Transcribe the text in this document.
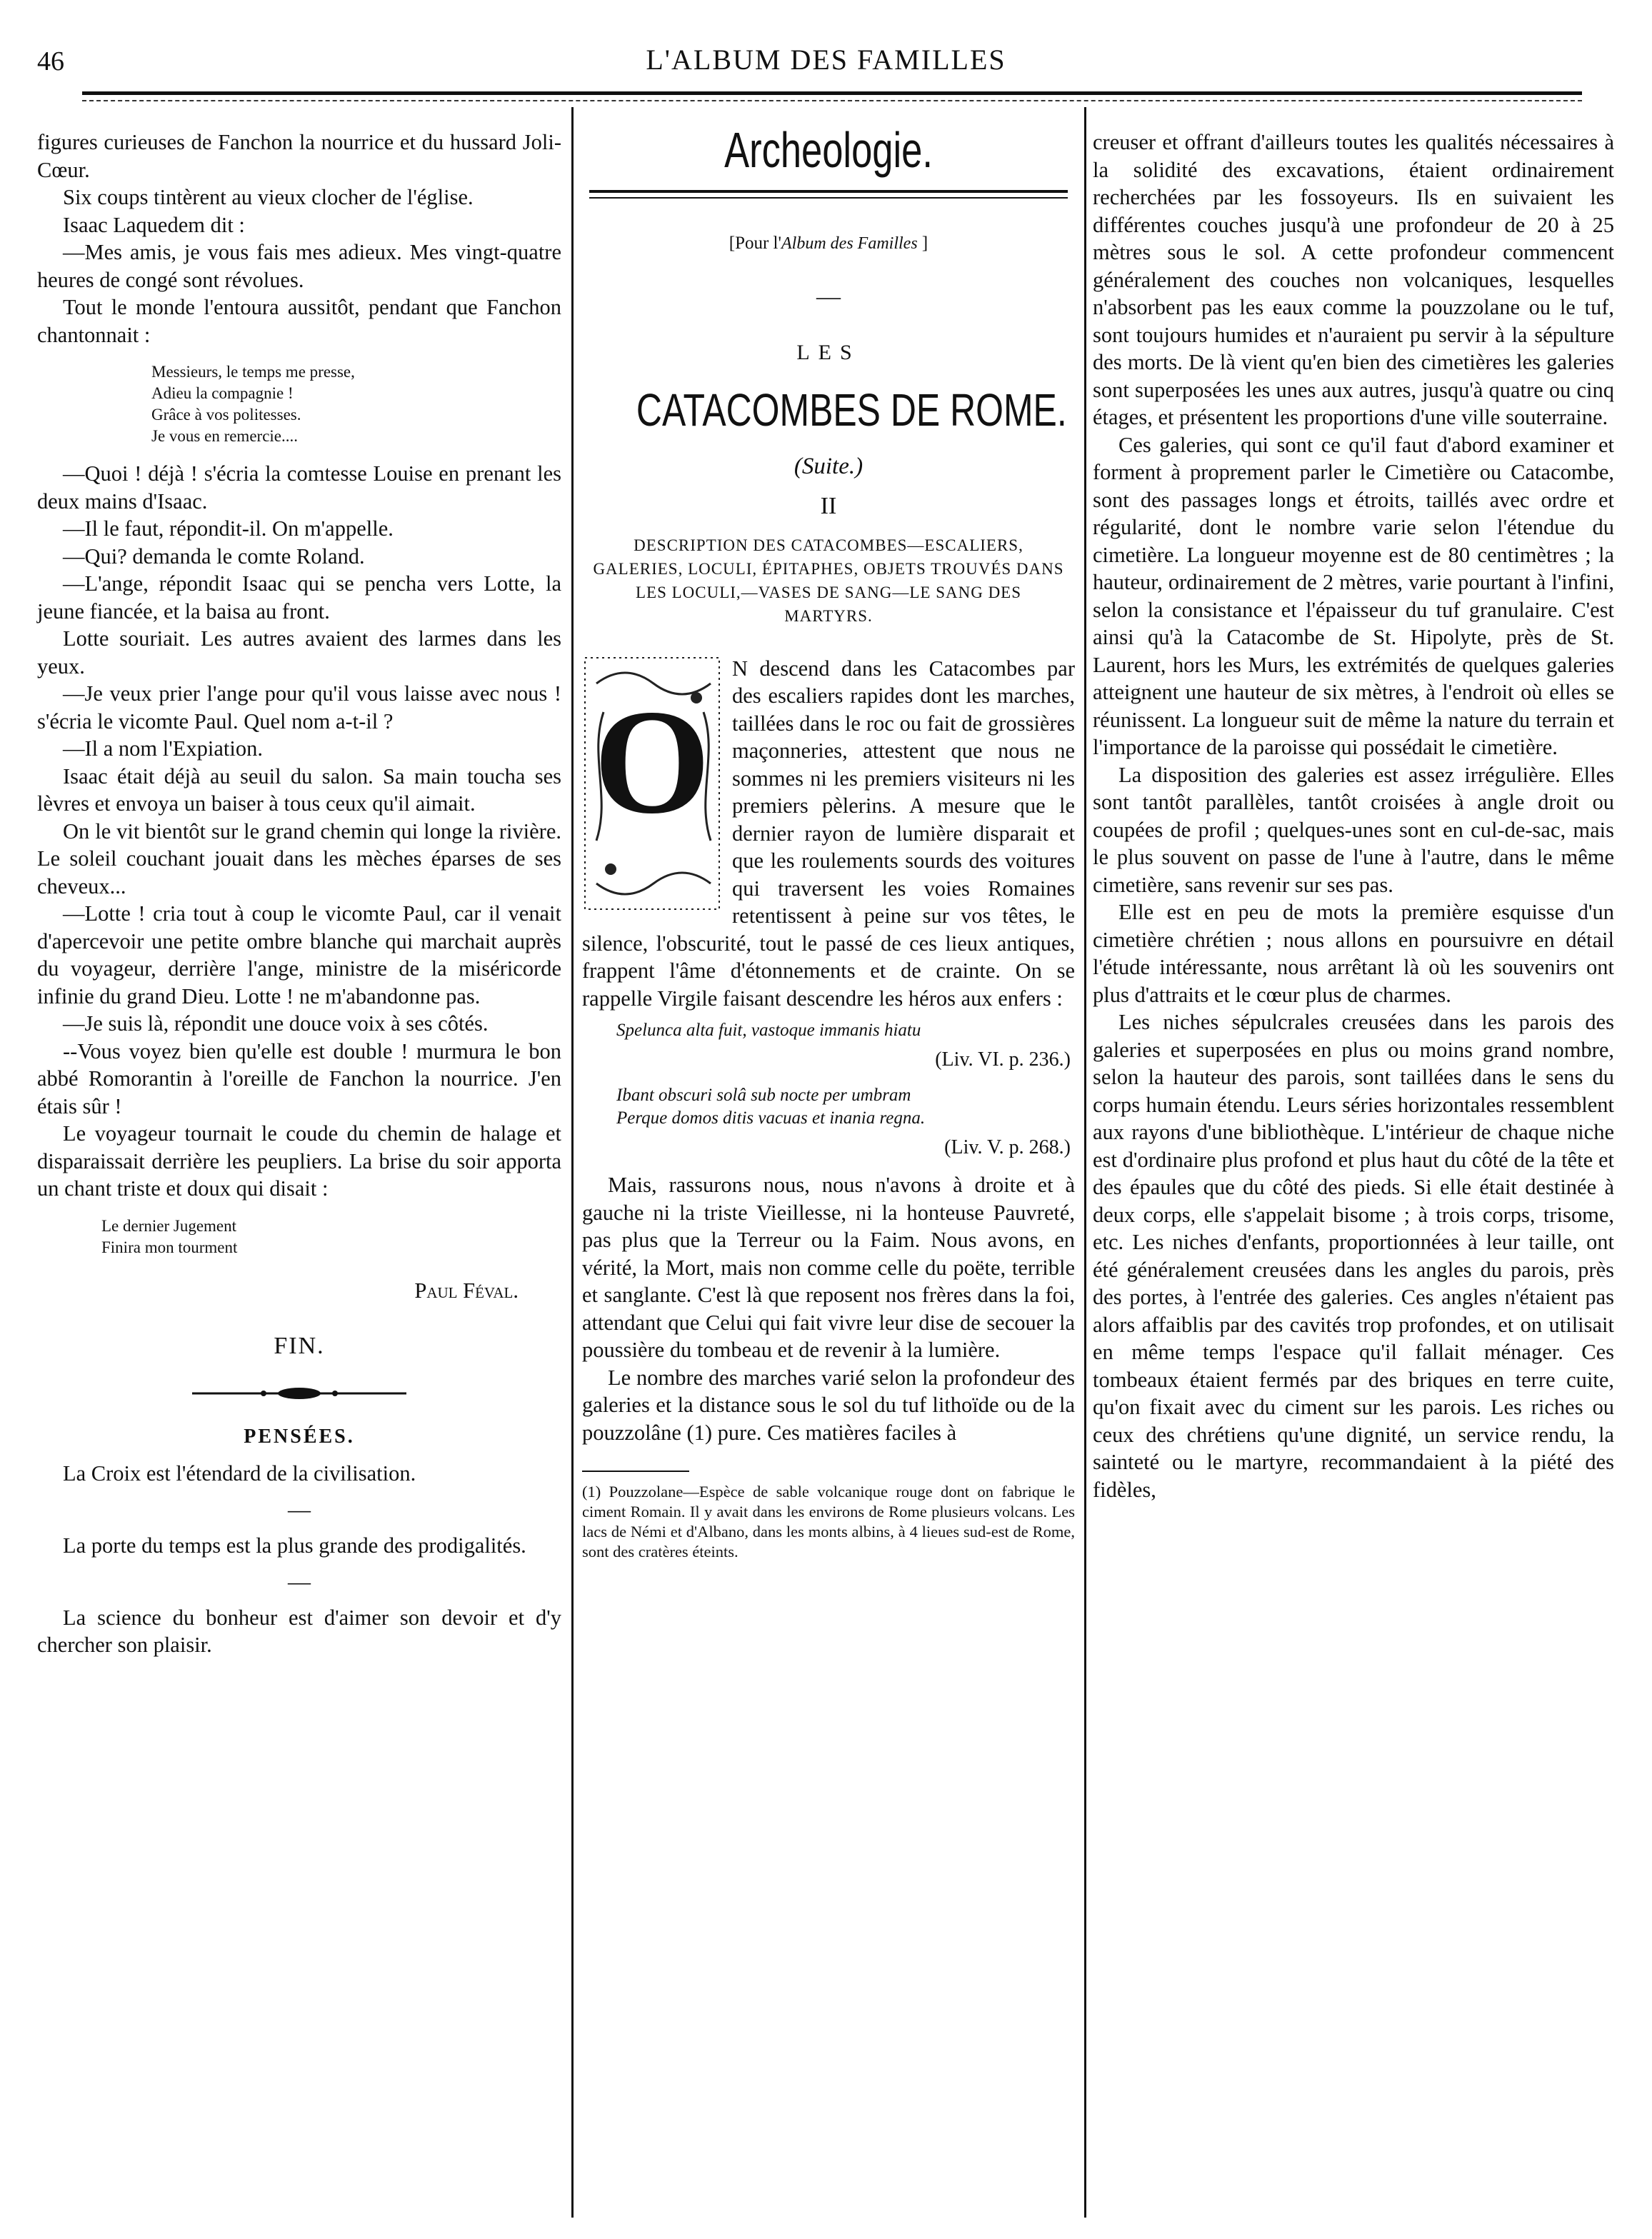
46	L'ALBUM DES FAMILLES

figures curieuses de Fanchon la nourrice et du hussard Joli-Cœur.

Six coups tintèrent au vieux clocher de l'église.

Isaac Laquedem dit :

—Mes amis, je vous fais mes adieux. Mes vingt-quatre heures de congé sont révolues.

Tout le monde l'entoura aussitôt, pendant que Fanchon chantonnait :

Messieurs, le temps me presse,
Adieu la compagnie !
Grâce à vos politesses.
Je vous en remercie....

—Quoi ! déjà ! s'écria la comtesse Louise en prenant les deux mains d'Isaac.

—Il le faut, répondit-il. On m'appelle.

—Qui? demanda le comte Roland.

—L'ange, répondit Isaac qui se pencha vers Lotte, la jeune fiancée, et la baisa au front.

Lotte souriait. Les autres avaient des larmes dans les yeux.

—Je veux prier l'ange pour qu'il vous laisse avec nous ! s'écria le vicomte Paul. Quel nom a-t-il ?

—Il a nom l'Expiation.

Isaac était déjà au seuil du salon. Sa main toucha ses lèvres et envoya un baiser à tous ceux qu'il aimait.

On le vit bientôt sur le grand chemin qui longe la rivière. Le soleil couchant jouait dans les mèches éparses de ses cheveux...

—Lotte ! cria tout à coup le vicomte Paul, car il venait d'apercevoir une petite ombre blanche qui marchait auprès du voyageur, derrière l'ange, ministre de la miséricorde infinie du grand Dieu. Lotte ! ne m'abandonne pas.

—Je suis là, répondit une douce voix à ses côtés.

--Vous voyez bien qu'elle est double ! murmura le bon abbé Romorantin à l'oreille de Fanchon la nourrice. J'en étais sûr !

Le voyageur tournait le coude du chemin de halage et disparaissait derrière les peupliers. La brise du soir apporta un chant triste et doux qui disait :

Le dernier Jugement
Finira mon tourment
Paul Féval.
FIN.
PENSÉES.

La Croix est l'étendard de la civilisation.

—

La porte du temps est la plus grande des prodigalités.

—

La science du bonheur est d'aimer son devoir et d'y chercher son plaisir.

Archeologie.
[Pour l'Album des Familles ]
—
LES
CATACOMBES DE ROME.
(Suite.)
II
DESCRIPTION DES CATACOMBES—ESCALIERS, GALERIES, LOCULI, ÉPITAPHES, OBJETS TROUVÉS DANS LES LOCULI,—VASES DE SANG—LE SANG DES MARTYRS.
O

N descend dans les Catacombes par des escaliers rapides dont les marches, taillées dans le roc ou fait de grossières maçonneries, attestent que nous ne sommes ni les premiers visiteurs ni les premiers pèlerins. A mesure que le dernier rayon de lumière disparait et que les roulements sourds des voitures qui traversent les voies Romaines retentissent à peine sur vos têtes, le silence, l'obscurité, tout le passé de ces lieux antiques, frappent l'âme d'étonnements et de crainte. On se rappelle Virgile faisant descendre les héros aux enfers :

Spelunca alta fuit, vastoque immanis hiatu
(Liv. VI. p. 236.)
Ibant obscuri solâ sub nocte per umbram
Perque domos ditis vacuas et inania regna.
(Liv. V. p. 268.)

Mais, rassurons nous, nous n'avons à droite et à gauche ni la triste Vieillesse, ni la honteuse Pauvreté, pas plus que la Terreur ou la Faim. Nous avons, en vérité, la Mort, mais non comme celle du poëte, terrible et sanglante. C'est là que reposent nos frères dans la foi, attendant que Celui qui fait vivre leur dise de secouer la poussière du tombeau et de revenir à la lumière.

Le nombre des marches varié selon la profondeur des galeries et la distance sous le sol du tuf lithoïde ou de la pouzzolâne (1) pure. Ces matières faciles à

(1) Pouzzolane—Espèce de sable volcanique rouge dont on fabrique le ciment Romain. Il y avait dans les environs de Rome plusieurs volcans. Les lacs de Némi et d'Albano, dans les monts albins, à 4 lieues sud-est de Rome, sont des cratères éteints.

creuser et offrant d'ailleurs toutes les qualités nécessaires à la solidité des excavations, étaient ordinairement recherchées par les fossoyeurs. Ils en suivaient les différentes couches jusqu'à une profondeur de 20 à 25 mètres sous le sol. A cette profondeur commencent généralement des couches non volcaniques, lesquelles n'absorbent pas les eaux comme la pouzzolane ou le tuf, sont toujours humides et n'auraient pu servir à la sépulture des morts. De là vient qu'en bien des cimetières les galeries sont superposées les unes aux autres, jusqu'à quatre ou cinq étages, et présentent les proportions d'une ville souterraine.

Ces galeries, qui sont ce qu'il faut d'abord examiner et forment à proprement parler le Cimetière ou Catacombe, sont des passages longs et étroits, taillés avec ordre et régularité, dont le nombre varie selon l'étendue du cimetière. La longueur moyenne est de 80 centimètres ; la hauteur, ordinairement de 2 mètres, varie pourtant à l'infini, selon la consistance et l'épaisseur du tuf granulaire. C'est ainsi qu'à la Catacombe de St. Hipolyte, près de St. Laurent, hors les Murs, les extrémités de quelques galeries atteignent une hauteur de six mètres, à l'endroit où elles se réunissent. La longueur suit de même la nature du terrain et l'importance de la paroisse qui possédait le cimetière.

La disposition des galeries est assez irrégulière. Elles sont tantôt parallèles, tantôt croisées à angle droit ou coupées de profil ; quelques-unes sont en cul-de-sac, mais le plus souvent on passe de l'une à l'autre, dans le même cimetière, sans revenir sur ses pas.

Elle est en peu de mots la première esquisse d'un cimetière chrétien ; nous allons en poursuivre en détail l'étude intéressante, nous arrêtant là où les souvenirs ont plus d'attraits et le cœur plus de charmes.

Les niches sépulcrales creusées dans les parois des galeries et superposées en plus ou moins grand nombre, selon la hauteur des parois, sont taillées dans le sens du corps humain étendu. Leurs séries horizontales ressemblent aux rayons d'une bibliothèque. L'intérieur de chaque niche est d'ordinaire plus profond et plus haut du côté de la tête et des épaules que du côté des pieds. Si elle était destinée à deux corps, elle s'appelait bisome ; à trois corps, trisome, etc. Les niches d'enfants, proportionnées à leur taille, ont été généralement creusées dans les angles du parois, près des portes, à l'entrée des galeries. Ces angles n'étaient pas alors affaiblis par des cavités trop profondes, et on utilisait en même temps l'espace qu'il fallait ménager. Ces tombeaux étaient fermés par des briques en terre cuite, qu'on fixait avec du ciment sur les parois. Les riches ou ceux des chrétiens qu'une dignité, un service rendu, la sainteté ou le martyre, recommandaient à la piété des fidèles,
